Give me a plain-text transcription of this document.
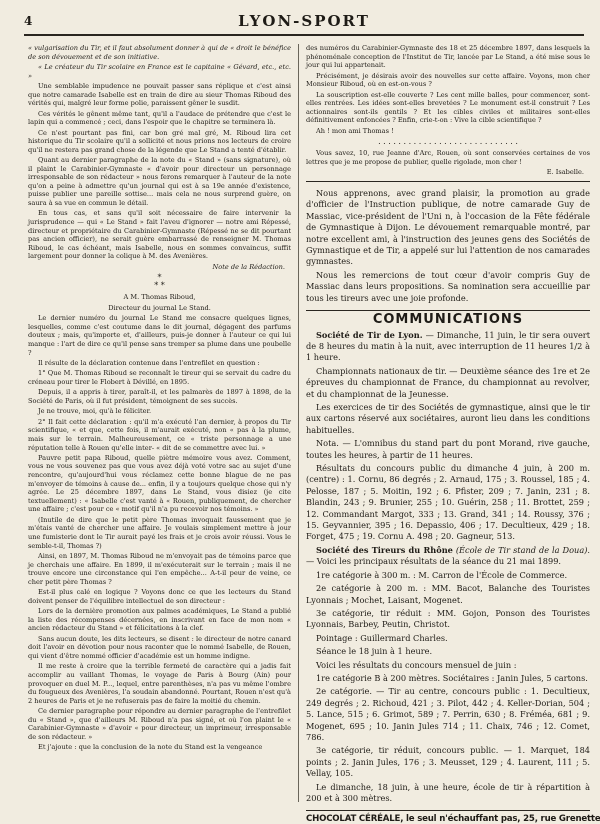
4	LYON-SPORT

« vulgarisation du Tir, et il faut absolument donner à qui de « droit le bénéfice de son dévouement et de son initiative.

« Le créateur du Tir scolaire en France est le capitaine « Gévard, etc., etc. »

Une semblable impudence ne pouvait passer sans réplique et c'est ainsi que notre camarade Isabelle est en train de dire au sieur Thomas Riboud des vérités qui, malgré leur forme polie, paraissent gêner le susdit.

Ces vérités le gênent même tant, qu'il a l'audace de prétendre que c'est le lapin qui a commencé ; ceci, dans l'espoir que le chapitre se terminera là.

Ce n'est pourtant pas fini, car bon gré mal gré, M. Riboud lira cet historique du Tir scolaire qu'il a sollicité et nous prions nos lecteurs de croire qu'il ne restera pas grand chose de la légende que Le Stand a tenté d'établir.

Quant au dernier paragraphe de la note du « Stand » (sans signature), où il plaint le Carabinier-Gymnaste « d'avoir pour directeur un personnage irresponsable de son rédacteur » nous ferons remarquer à l'auteur de la note qu'on a peine à admettre qu'un journal qui est à sa 19e année d'existence, puisse publier une pareille sottise... mais cela ne nous surprend guère, on saura à sa vue en commun le détail.

En tous cas, et sans qu'il soit nécessaire de faire intervenir la jurisprudence — qui « Le Stand » fait l'aveu d'ignorer — notre ami Répessé, directeur et propriétaire du Carabinier-Gymnaste (Répessé ne se dit pourtant pas ancien officier), ne serait guère embarrassé de renseigner M. Thomas Riboud, le cas échéant, mais Isabelle, nous en sommes convaincus, suffit largement pour donner la colique à M. des Avenières.

Note de la Rédaction.

*
* *

A M. Thomas Riboud,

Directeur du journal Le Stand.

Le dernier numéro du journal Le Stand me consacre quelques lignes, lesquelles, comme c'est coutume dans le dit journal, dégagent des parfums douteux ; mais, qu'importe et, d'ailleurs, puis-je donner à l'auteur ce qui lui manque : l'art de dire ce qu'il pense sans tremper sa plume dans une poubelle ?

Il résulte de la déclaration contenue dans l'entrefilet en question :

1° Que M. Thomas Riboud se reconnaît le tireur qui se servait du cadre du créneau pour tirer le Flobert à Dévillé, en 1895.

Depuis, il a appris à tirer, paraît-il, et les palmarès de 1897 à 1898, de la Société de Paris, où il fut président, témoignent de ses succès.

Je ne trouve, moi, qu'à le féliciter.

2° Il fait cette déclaration : qu'il m'a exécuté l'an dernier, à propos du Tir scientifique, « et que, cette fois, il m'aurait exécuté, non « pas à la plume, mais sur le terrain. Malheureusement, ce « triste personnage a une réputation telle à Rouen qu'elle inter- « dit de se commettre avec lui. »

Pauvre petit papa Riboud, quelle piètre mémoire vous avez. Comment, vous ne vous souvenez pas que vous avez déjà voté votre sac au sujet d'une rencontre, qu'aujourd'hui vous réclamez cette bonne blague de ne pas m'envoyer de témoins à cause de... enfin, il y a toujours quelque chose qui n'y agrée. Le 25 décembre 1897, dans Le Stand, vous disiez (je cite textuellement) : « Isabelle c'est vanté à « Rouen, publiquement, de chercher une affaire ; c'est pour ce « motif qu'il n'a pu recevoir nos témoins. »

(Inutile de dire que le petit père Thomas invoquait faussement que je m'étais vanté de chercher une affaire. Je voulais simplement mettre à jour une fumisterie dont le Tir aurait payé les frais et je crois avoir réussi. Vous le semble-t-il, Thomas ?)

Ainsi, en 1897, M. Thomas Riboud ne m'envoyait pas de témoins parce que je cherchais une affaire. En 1899, il m'exécuterait sur le terrain ; mais il ne trouve encore une circonstance qui l'en empêche... A-t-il peur de veine, ce cher petit père Thomas ?

Est-il plus calé en logique ? Voyons donc ce que les lecteurs du Stand doivent penser de l'équilibre intellectuel de son directeur :

Lors de la dernière promotion aux palmes académiques, Le Stand a publié la liste des récompenses décernées, en inscrivant en face de mon nom « ancien rédacteur du Stand » et félicitations à la clef.

Sans aucun doute, les dits lecteurs, se disent : le directeur de notre canard doit l'avoir en dévotion pour nous raconter que le nommé Isabelle, de Rouen, qui vient d'être nommé officier d'académie est un homme indigne.

Il me reste à croire que la terrible fermeté de caractère qui a jadis fait accomplir au vaillant Thomas, le voyage de Paris à Bourg (Ain) pour provoquer en duel M. P..., lequel, entre parenthèses, n'a pas vu même l'ombre du fougueux des Avenières, l'a soudain abandonné. Pourtant, Rouen n'est qu'à 2 heures de Paris et je ne refuserais pas de faire la moitié du chemin.

Ce dernier paragraphe pour répondre au dernier paragraphe de l'entrefilet du « Stand », que d'ailleurs M. Riboud n'a pas signé, et où l'on plaint le « Carabinier-Gymnaste » d'avoir « pour directeur, un imprimeur, irresponsable de son rédacteur. »

Et j'ajoute : que la conclusion de la note du Stand est la vengeance

des numéros du Carabinier-Gymnaste des 18 et 25 décembre 1897, dans lesquels la phénoménale conception de l'Institut de Tir, lancée par Le Stand, a été mise sous le jour qui lui appartenait.

Précisément, je désirais avoir des nouvelles sur cette affaire. Voyons, mon cher Monsieur Riboud, où en est-on-vous ?

La souscription est-elle couverte ? Les cent mille balles, pour commencer, sont-elles rentrées. Les idées sont-elles brevetées ? Le monument est-il construit ? Les actionnaires sont-ils gentils ? Et les cibles civiles et militaires sont-elles définitivement enfoncées ? Enfin, crie-t-on : Vive la cible scientifique ?

Ah ! mon ami Thomas !

. . . . . . . . . . . . . . . . . . . . . . . . . . . .

Vous savez, 10, rue Jeanne d'Arc, Rouen, où sont conservées certaines de vos lettres que je me propose de publier, quelle rigolade, mon cher !

E. Isabelle.

Nous apprenons, avec grand plaisir, la promotion au grade d'officier de l'Instruction publique, de notre camarade Guy de Massiac, vice-président de l'Uni n, à l'occasion de la Fête fédérale de Gymnastique à Dijon. Le dévouement remarquable montré, par notre excellent ami, à l'instruction des jeunes gens des Sociétés de Gymnastique et de Tir, a appelé sur lui l'attention de nos camarades gymnastes.

Nous les remercions de tout cœur d'avoir compris Guy de Massiac dans leurs propositions. Sa nomination sera accueillie par tous les tireurs avec une joie profonde.

COMMUNICATIONS

Société de Tir de Lyon. — Dimanche, 11 juin, le tir sera ouvert de 8 heures du matin à la nuit, avec interruption de 11 heures 1/2 à 1 heure.

Championnats nationaux de tir. — Deuxième séance des 1re et 2e épreuves du championnat de France, du championnat au revolver, et du championnat de la Jeunesse.

Les exercices de tir des Sociétés de gymnastique, ainsi que le tir aux cartons réservé aux sociétaires, auront lieu dans les conditions habituelles.

Nota. — L'omnibus du stand part du pont Morand, rive gauche, toutes les heures, à partir de 11 heures.

Résultats du concours public du dimanche 4 juin, à 200 m. (centre) : 1. Cornu, 86 degrés ; 2. Arnaud, 175 ; 3. Roussel, 185 ; 4. Pelosse, 187 ; 5. Moitin, 192 ; 6. Pfister, 209 ; 7. Janin, 231 ; 8. Blandin, 243 ; 9. Brunier, 255 ; 10. Guérin, 258 ; 11. Brottet, 259 ; 12. Commandant Margot, 333 ; 13. Grand, 341 ; 14. Roussy, 376 ; 15. Geyvannier, 395 ; 16. Depassio, 406 ; 17. Decultieux, 429 ; 18. Forget, 475 ; 19. Cornu A. 498 ; 20. Gagneur, 513.

Société des Tireurs du Rhône (École de Tir stand de la Doua). — Voici les principaux résultats de la séance du 21 mai 1899.

1re catégorie à 300 m. : M. Carron de l'École de Commerce.

2e catégorie à 200 m. : MM. Bacot, Balanche des Touristes Lyonnais ; Mochet, Laisant, Mogenet.

3e catégorie, tir réduit : MM. Gojon, Ponson des Touristes Lyonnais, Barbey, Peutin, Christot.

Pointage : Guillermard Charles.

Séance le 18 juin à 1 heure.

Voici les résultats du concours mensuel de juin :

1re catégorie B à 200 mètres. Sociétaires : Janin Jules, 5 cartons.

2e catégorie. — Tir au centre, concours public : 1. Decultieux, 249 degrés ; 2. Richoud, 421 ; 3. Pilot, 442 ; 4. Keller-Dorian, 504 ; 5. Lance, 515 ; 6. Grimot, 589 ; 7. Perrin, 630 ; 8. Fréméa, 681 ; 9. Mogenet, 695 ; 10. Janin Jules 714 ; 11. Chaix, 746 ; 12. Comet, 786.

3e catégorie, tir réduit, concours public. — 1. Marquet, 184 points ; 2. Janin Jules, 176 ; 3. Meusset, 129 ; 4. Laurent, 111 ; 5. Vellay, 105.

Le dimanche, 18 juin, à une heure, école de tir à répartition à 200 et à 300 mètres.

CHOCOLAT CÉRÉALE, le seul n'échauffant pas, 25, rue Grenette
